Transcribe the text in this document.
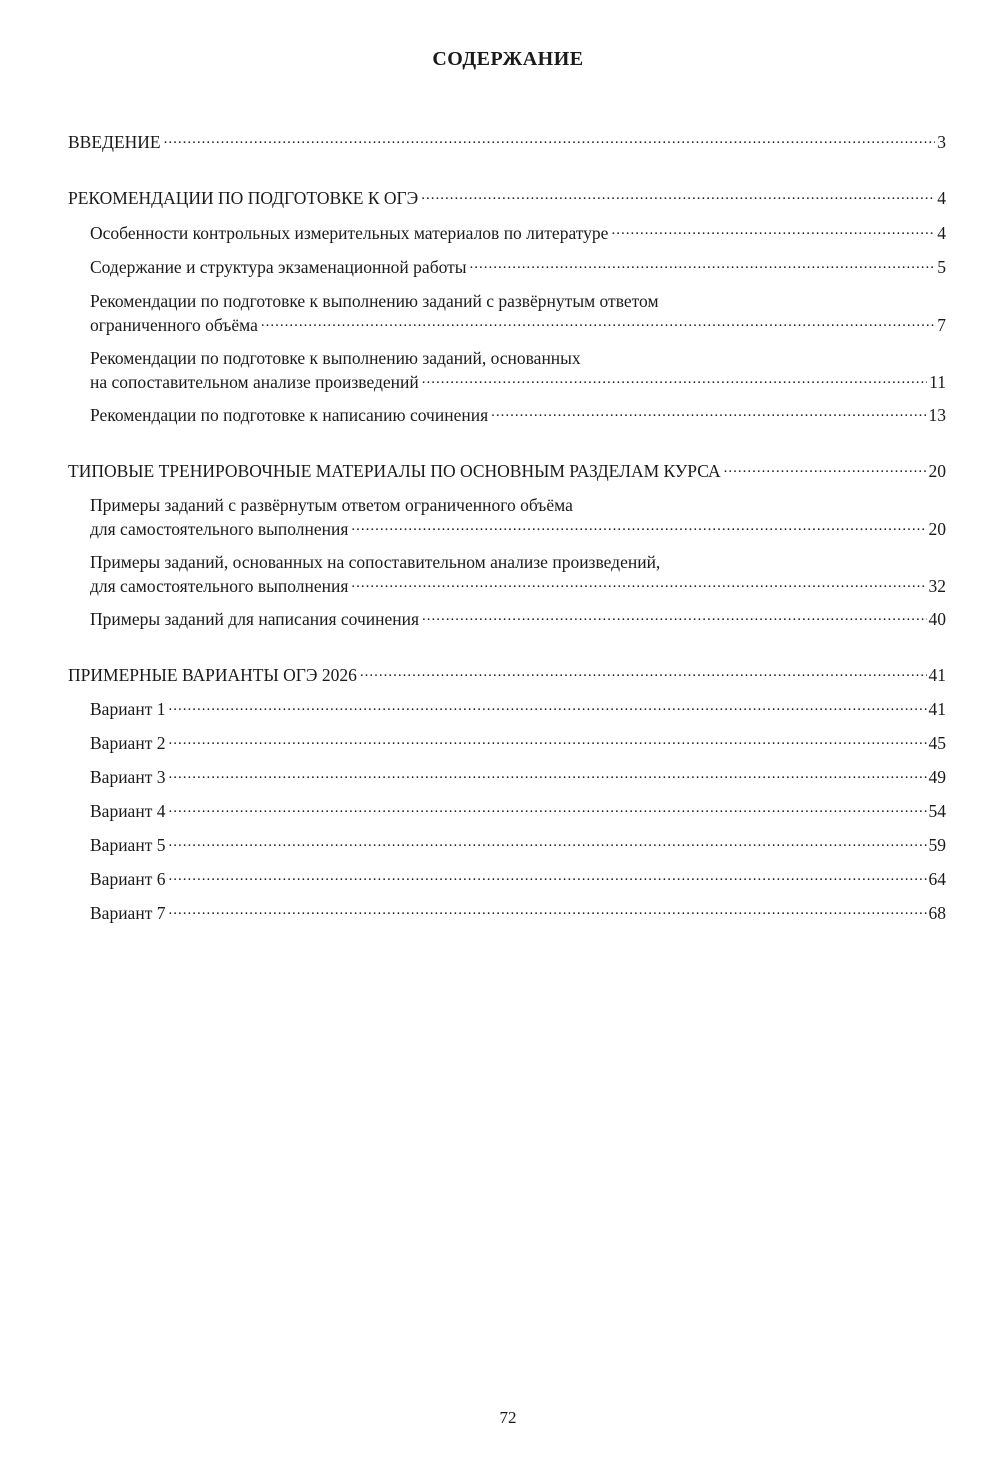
СОДЕРЖАНИЕ
ВВЕДЕНИЕ .....	3
РЕКОМЕНДАЦИИ ПО ПОДГОТОВКЕ К ОГЭ .....	4
Особенности контрольных измерительных материалов по литературе .....	4
Содержание и структура экзаменационной работы .....	5
Рекомендации по подготовке к выполнению заданий с развёрнутым ответом
ограниченного объёма .....	7
Рекомендации по подготовке к выполнению заданий, основанных
на сопоставительном анализе произведений .....	11
Рекомендации по подготовке к написанию сочинения .....	13
ТИПОВЫЕ ТРЕНИРОВОЧНЫЕ МАТЕРИАЛЫ ПО ОСНОВНЫМ РАЗДЕЛАМ КУРСА .....	20
Примеры заданий с развёрнутым ответом ограниченного объёма
для самостоятельного выполнения .....	20
Примеры заданий, основанных на сопоставительном анализе произведений,
для самостоятельного выполнения .....	32
Примеры заданий для написания сочинения .....	40
ПРИМЕРНЫЕ ВАРИАНТЫ ОГЭ 2026 .....	41
Вариант 1 .....	41
Вариант 2 .....	45
Вариант 3 .....	49
Вариант 4 .....	54
Вариант 5 .....	59
Вариант 6 .....	64
Вариант 7 .....	68
72
